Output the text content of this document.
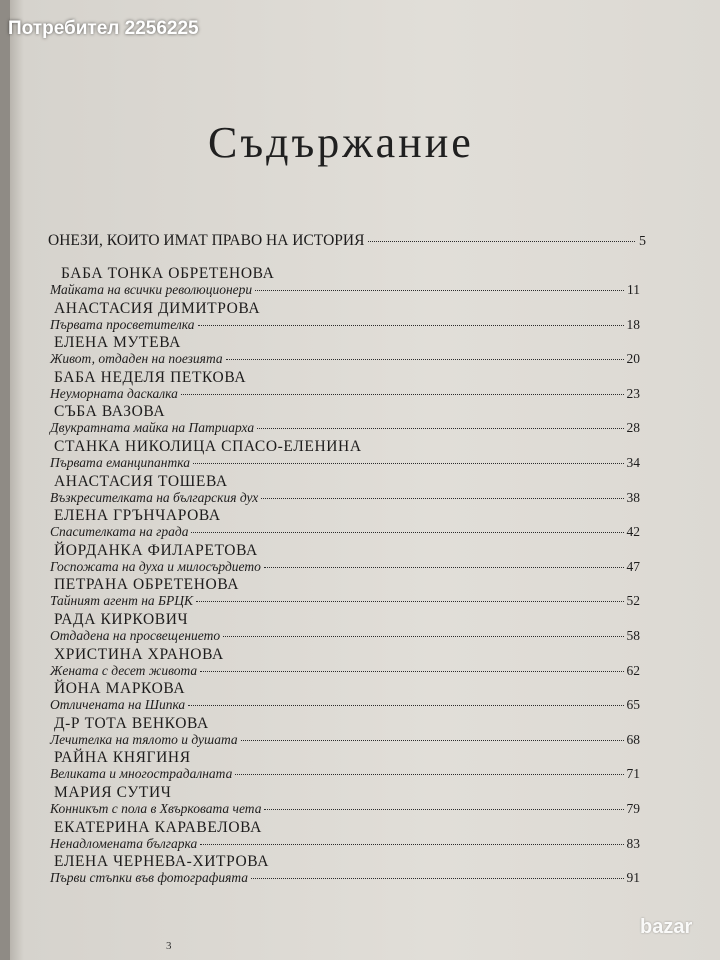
Съдържание
ОНЕЗИ, КОИТО ИМАТ ПРАВО НА ИСТОРИЯ	5
БАБА ТОНКА ОБРЕТЕНОВА
Майката на всички революционери	11
АНАСТАСИЯ ДИМИТРОВА
Първата просветителка	18
ЕЛЕНА МУТЕВА
Живот, отдаден на поезията	20
БАБА НЕДЕЛЯ ПЕТКОВА
Неуморната даскалка	23
СЪБА ВАЗОВА
Двукратната майка на Патриарха	28
СТАНКА НИКОЛИЦА СПАСО-ЕЛЕНИНА
Първата еманципантка	34
АНАСТАСИЯ ТОШЕВА
Възкресителката на българския дух	38
ЕЛЕНА ГРЪНЧАРОВА
Спасителката на града	42
ЙОРДАНКА ФИЛАРЕТОВА
Госпожата на духа и милосърдието	47
ПЕТРАНА ОБРЕТЕНОВА
Тайният агент на БРЦК	52
РАДА КИРКОВИЧ
Отдадена на просвещението	58
ХРИСТИНА ХРАНОВА
Жената с десет живота	62
ЙОНА МАРКОВА
Отличената на Шипка	65
Д-Р ТОТА ВЕНКОВА
Лечителка на тялото и душата	68
РАЙНА КНЯГИНЯ
Великата и многострадалната	71
МАРИЯ СУТИЧ
Конникът с пола в Хвърковата чета	79
ЕКАТЕРИНА КАРАВЕЛОВА
Ненадломената българка	83
ЕЛЕНА ЧЕРНЕВА-ХИТРОВА
Първи стъпки във фотографията	91
3
Потребител 2256225
bazar
